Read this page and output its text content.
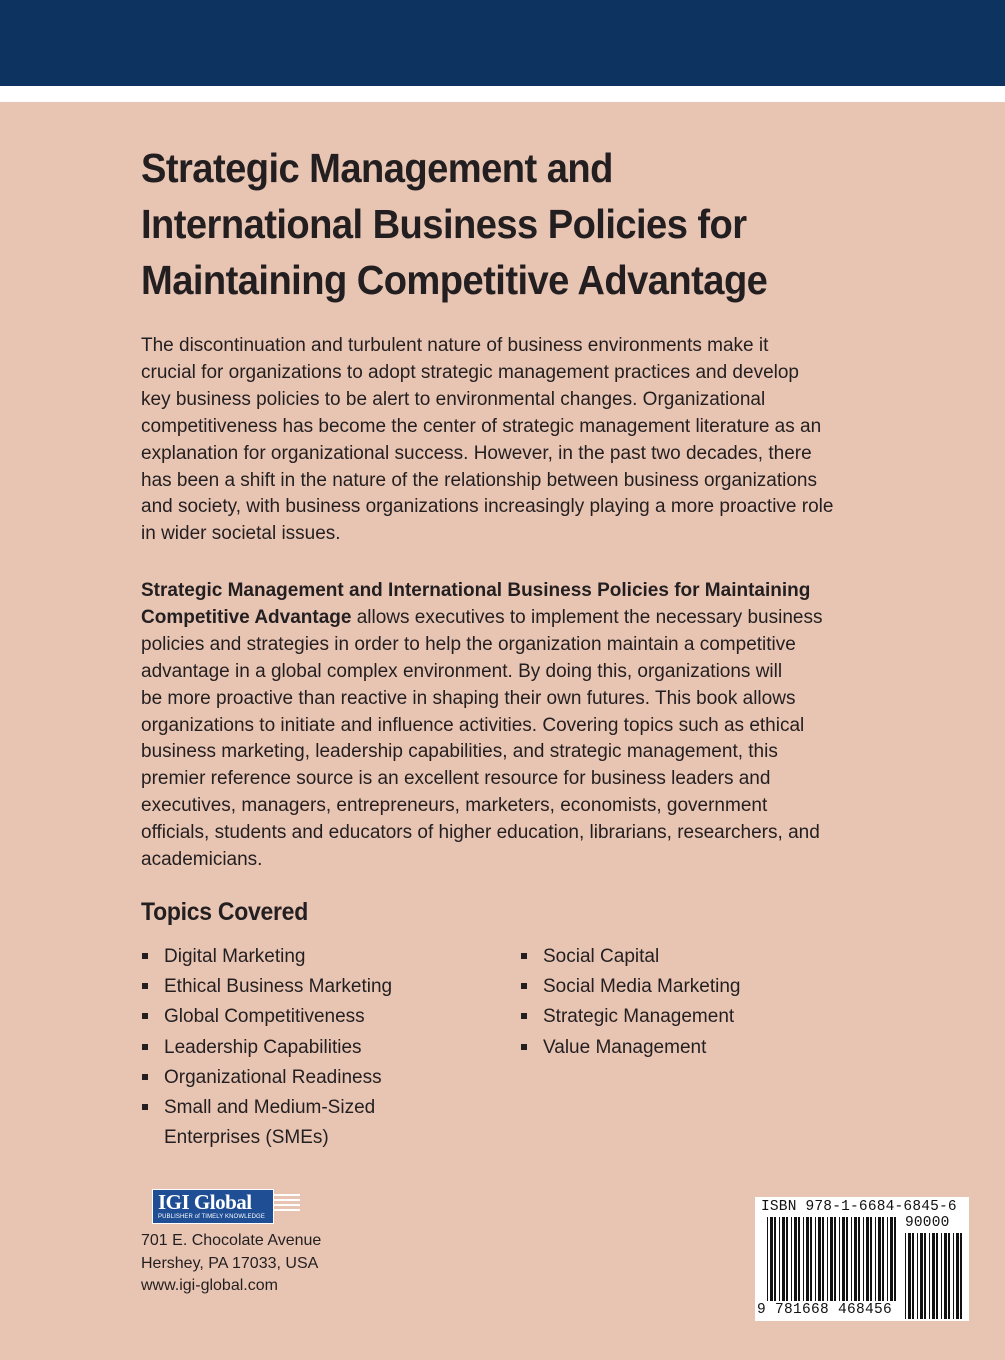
Strategic Management and
International Business Policies for
Maintaining Competitive Advantage

The discontinuation and turbulent nature of business environments make it
crucial for organizations to adopt strategic management practices and develop
key business policies to be alert to environmental changes. Organizational
competitiveness has become the center of strategic management literature as an
explanation for organizational success. However, in the past two decades, there
has been a shift in the nature of the relationship between business organizations
and society, with business organizations increasingly playing a more proactive role
in wider societal issues.

Strategic Management and International Business Policies for Maintaining
Competitive Advantage allows executives to implement the necessary business
policies and strategies in order to help the organization maintain a competitive
advantage in a global complex environment. By doing this, organizations will
be more proactive than reactive in shaping their own futures. This book allows
organizations to initiate and influence activities. Covering topics such as ethical
business marketing, leadership capabilities, and strategic management, this
premier reference source is an excellent resource for business leaders and
executives, managers, entrepreneurs, marketers, economists, government
officials, students and educators of higher education, librarians, researchers, and
academicians.

Topics Covered
Digital Marketing
Ethical Business Marketing
Global Competitiveness
Leadership Capabilities
Organizational Readiness
Small and Medium-Sized
Enterprises (SMEs)
Social Capital
Social Media Marketing
Strategic Management
Value Management
IGI Global
PUBLISHER of TIMELY KNOWLEDGE
701 E. Chocolate Avenue
Hershey, PA 17033, USA
www.igi-global.com
ISBN 978-1-6684-6845-6
90000
9 781668 468456
